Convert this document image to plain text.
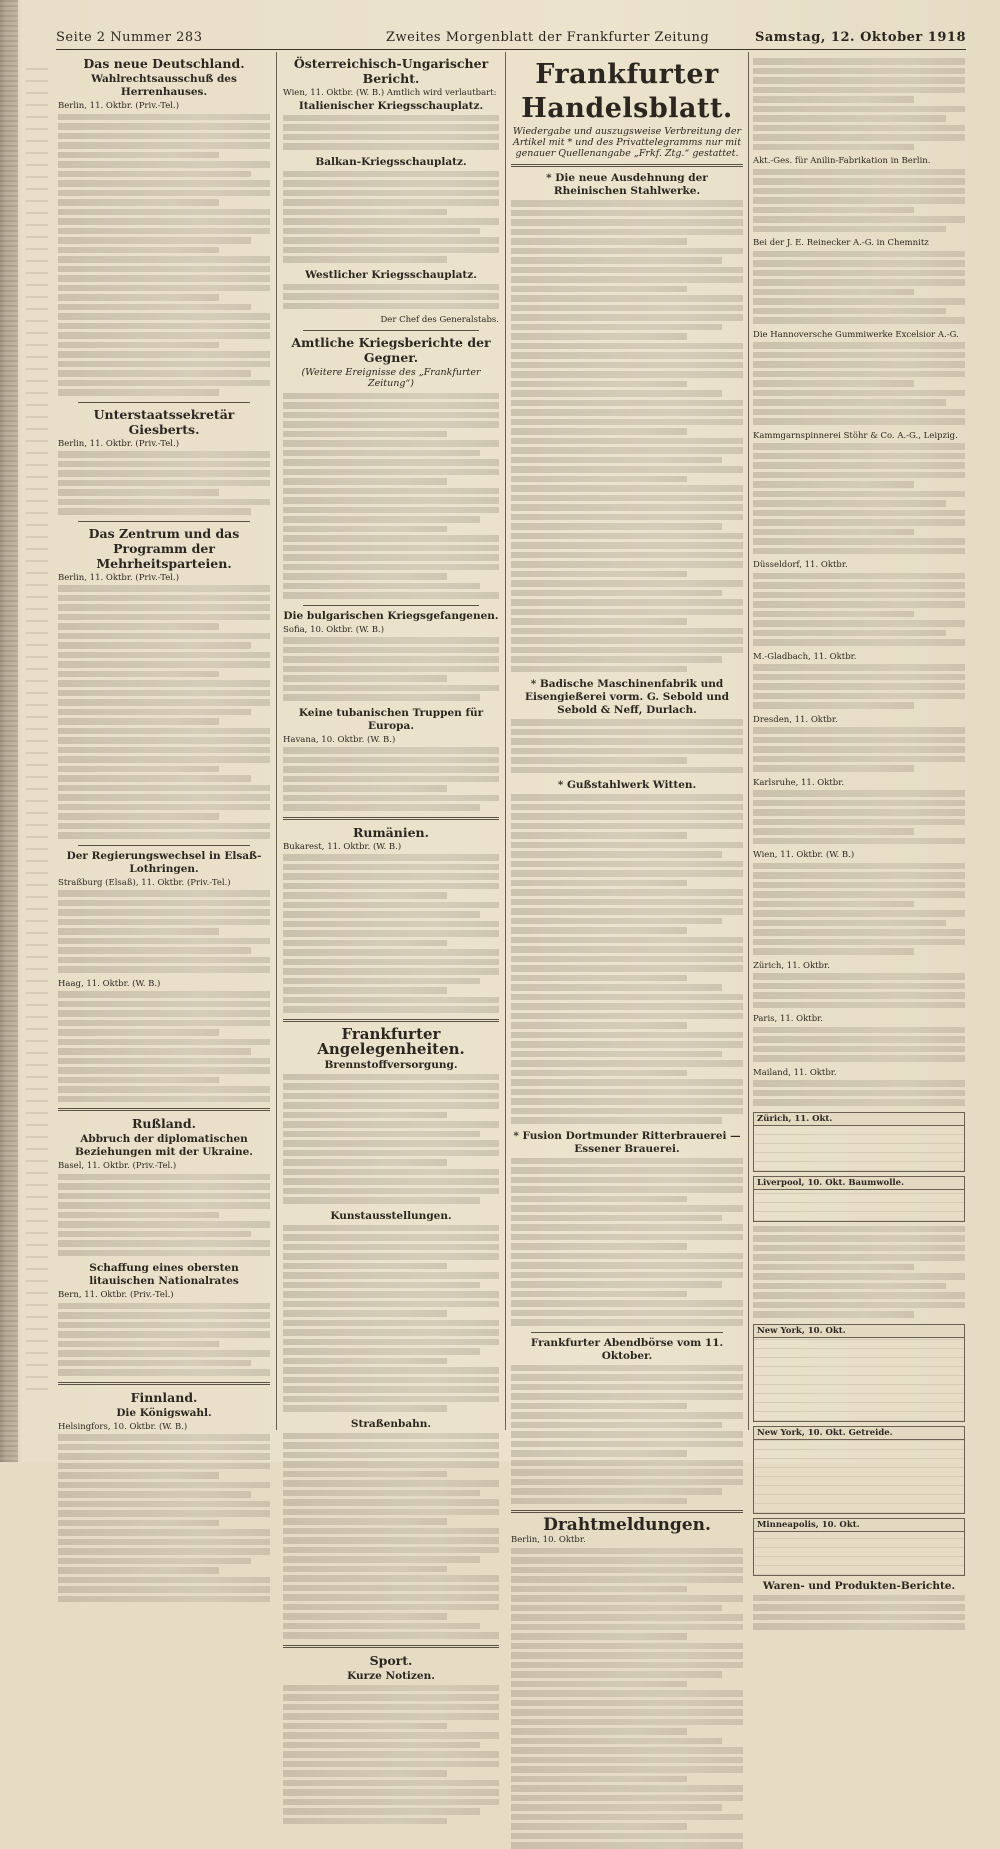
Seite 2 Nummer 283	Zweites Morgenblatt der Frankfurter Zeitung	Samstag, 12. Oktober 1918
Das neue Deutschland.
Wahlrechtsausschuß des Herrenhauses.
Berlin, 11. Oktbr. (Priv.-Tel.)
Unterstaatssekretär Giesberts.
Berlin, 11. Oktbr. (Priv.-Tel.)
Das Zentrum und das Programm der Mehrheitsparteien.
Berlin, 11. Oktbr. (Priv.-Tel.)
Der Regierungswechsel in Elsaß-Lothringen.
Straßburg (Elsaß), 11. Oktbr. (Priv.-Tel.)
Haag, 11. Oktbr. (W. B.)
Rußland.
Abbruch der diplomatischen Beziehungen mit der Ukraine.
Basel, 11. Oktbr. (Priv.-Tel.)
Schaffung eines obersten litauischen Nationalrates
Bern, 11. Oktbr. (Priv.-Tel.)
Finnland.
Die Königswahl.
Helsingfors, 10. Oktbr. (W. B.)
Österreichisch-Ungarischer Bericht.
Wien, 11. Oktbr. (W. B.) Amtlich wird verlautbart:
Italienischer Kriegsschauplatz.
Balkan-Kriegsschauplatz.
Westlicher Kriegsschauplatz.
Der Chef des Generalstabs.
Amtliche Kriegsberichte der Gegner.
(Weitere Ereignisse des „Frankfurter Zeitung“)
Die bulgarischen Kriegsgefangenen.
Sofia, 10. Oktbr. (W. B.)
Keine tubanischen Truppen für Europa.
Havana, 10. Oktbr. (W. B.)
Rumänien.
Bukarest, 11. Oktbr. (W. B.)
Frankfurter Angelegenheiten.
Brennstoffversorgung.
Kunstausstellungen.
Straßenbahn.
Sport.
Kurze Notizen.
Frankfurter Handelsblatt.
Wiedergabe und auszugsweise Verbreitung der Artikel mit * und des Privattelegramms nur mit genauer Quellenangabe „Frkf. Ztg.“ gestattet.
* Die neue Ausdehnung der Rheinischen Stahlwerke.
* Badische Maschinenfabrik und Eisengießerei vorm. G. Sebold und Sebold & Neff, Durlach.
* Gußstahlwerk Witten.
* Fusion Dortmunder Ritterbrauerei — Essener Brauerei.
Frankfurter Abendbörse vom 11. Oktober.
Drahtmeldungen.
Berlin, 10. Oktbr.
Akt.-Ges. für Anilin-Fabrikation in Berlin.
Bei der J. E. Reinecker A.-G. in Chemnitz
Die Hannoversche Gummiwerke Excelsior A.-G.
Kammgarnspinnerei Stöhr & Co. A.-G., Leipzig.
Düsseldorf, 11. Oktbr.
M.-Gladbach, 11. Oktbr.
Dresden, 11. Oktbr.
Karlsruhe, 11. Oktbr.
Wien, 11. Oktbr. (W. B.)
Zürich, 11. Oktbr.
Paris, 11. Oktbr.
Mailand, 11. Oktbr.
Zürich, 11. Okt.
Liverpool, 10. Okt. Baumwolle.
New York, 10. Okt.
New York, 10. Okt. Getreide.
Minneapolis, 10. Okt.
Waren- und Produkten-Berichte.
